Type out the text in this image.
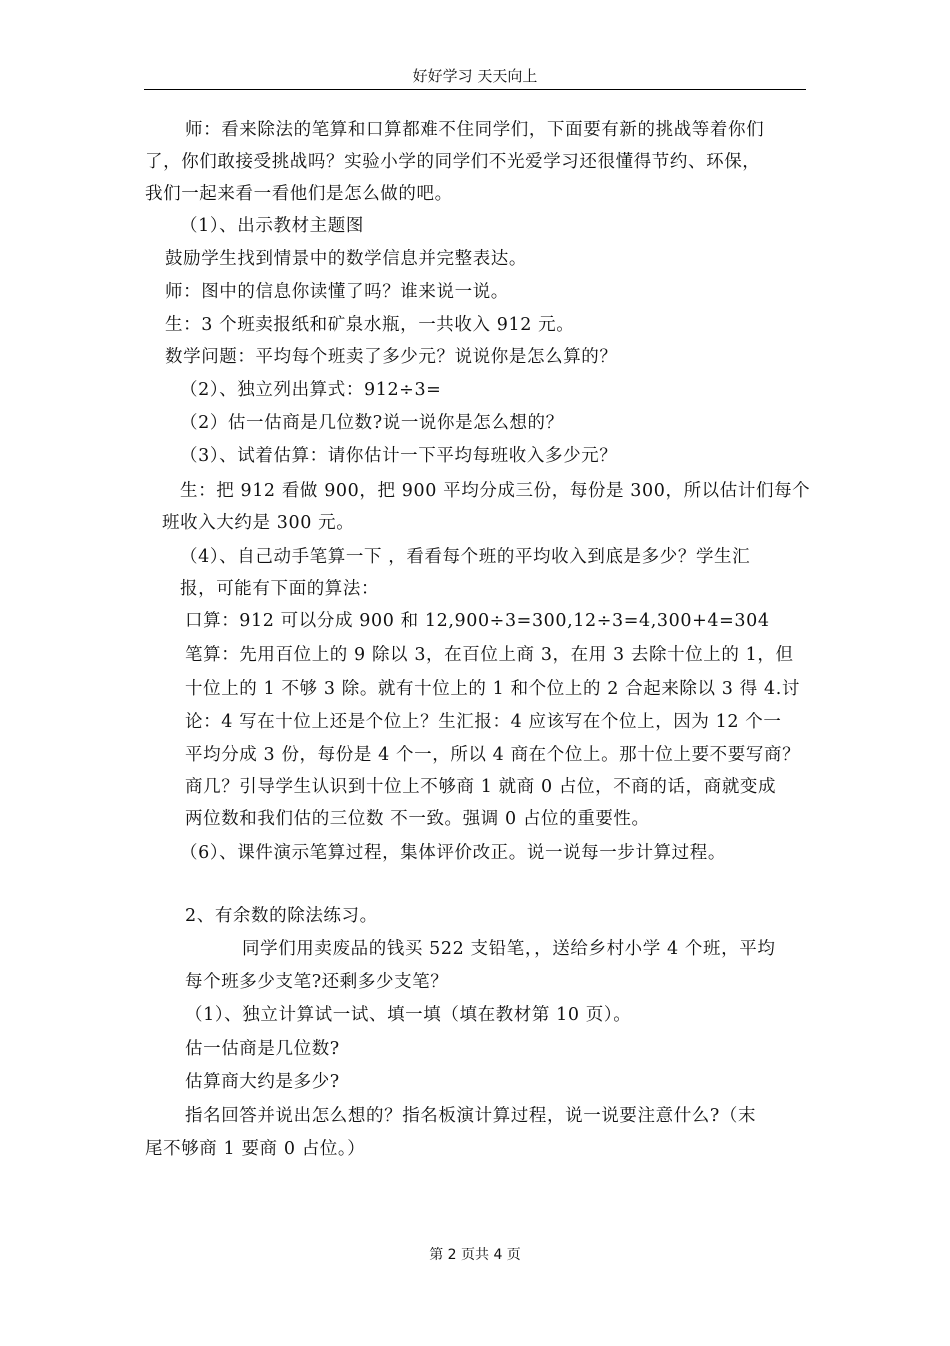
好好学习 天天向上
师：看来除法的笔算和口算都难不住同学们，下面要有新的挑战等着你们
了，你们敢接受挑战吗？实验小学的同学们不光爱学习还很懂得节约、环保，
我们一起来看一看他们是怎么做的吧。
（1）、出示教材主题图
鼓励学生找到情景中的数学信息并完整表达。
师：图中的信息你读懂了吗？谁来说一说。
生：3 个班卖报纸和矿泉水瓶，一共收入 912 元。
数学问题：平均每个班卖了多少元？说说你是怎么算的？
（2）、独立列出算式：912÷3=
（2）估一估商是几位数?说一说你是怎么想的？
（3）、试着估算：请你估计一下平均每班收入多少元？
生：把 912 看做 900，把 900 平均分成三份，每份是 300，所以估计们每个
班收入大约是 300 元。
（4）、自己动手笔算一下 ，看看每个班的平均收入到底是多少？学生汇
报，可能有下面的算法：
口算：912 可以分成 900 和 12,900÷3=300,12÷3=4,300+4=304
笔算：先用百位上的 9 除以 3，在百位上商 3，在用 3 去除十位上的 1，但
十位上的 1 不够 3 除。就有十位上的 1 和个位上的 2 合起来除以 3 得 4.讨
论：4 写在十位上还是个位上？生汇报：4 应该写在个位上，因为 12 个一
平均分成 3 份，每份是 4 个一，所以 4 商在个位上。那十位上要不要写商？
商几？引导学生认识到十位上不够商 1 就商 0 占位，不商的话，商就变成
两位数和我们估的三位数 不一致。强调 0 占位的重要性。
（6）、课件演示笔算过程，集体评价改正。说一说每一步计算过程。
2、有余数的除法练习。
同学们用卖废品的钱买 522 支铅笔，，送给乡村小学 4 个班，平均
每个班多少支笔?还剩多少支笔？
（1）、独立计算试一试、填一填（填在教材第 10 页）。
估一估商是几位数?
估算商大约是多少?
指名回答并说出怎么想的？指名板演计算过程，说一说要注意什么?（末
尾不够商 1 要商 0 占位。）
第 2 页共 4 页
